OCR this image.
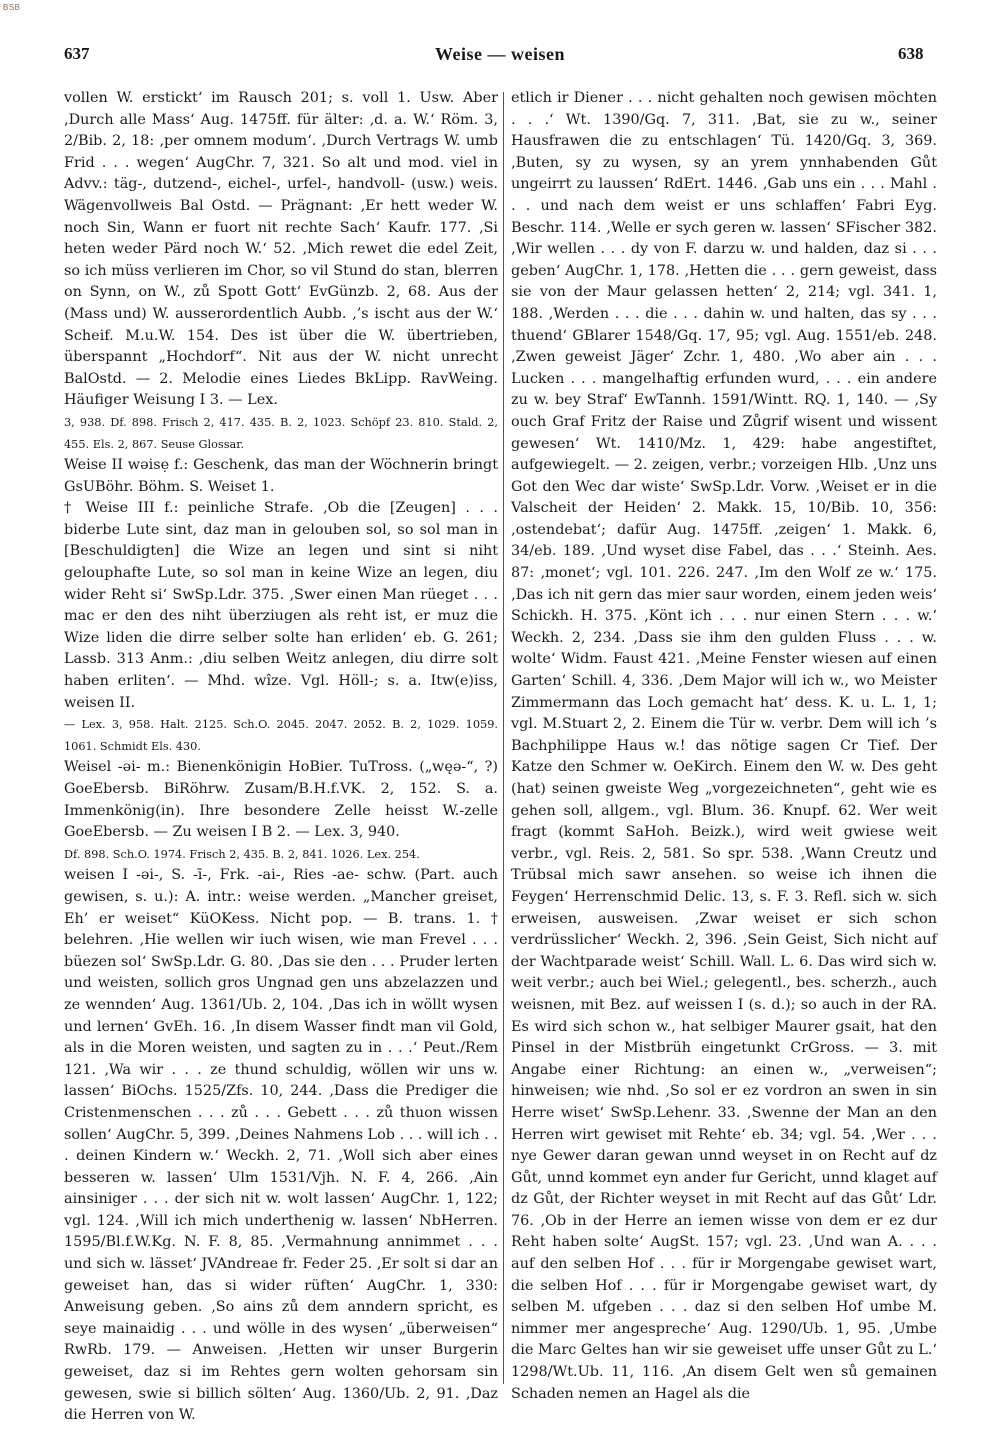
BSB
637	Weise — weisen	638

vollen W. erstickt‘ im Rausch 201; s. voll 1. Usw. Aber ‚Durch alle Mass‘ Aug. 1475ff. für älter: ‚d. a. W.‘ Röm. 3, 2/Bib. 2, 18: ‚per omnem modum‘. ‚Durch Vertrags W. umb Frid . . . wegen‘ AugChr. 7, 321. So alt und mod. viel in Advv.: täg-, dutzend-, eichel-, urfel-, handvoll- (usw.) weis. Wägenvollweis Bal Ostd. — Prägnant: ‚Er hett weder W. noch Sin, Wann er fuort nit rechte Sach‘ Kaufr. 177. ‚Si heten weder Pärd noch W.‘ 52. ‚Mich rewet die edel Zeit, so ich müss verlieren im Chor, so vil Stund do stan, blerren on Synn, on W., zů Spott Gott‘ EvGünzb. 2, 68. Aus der (Mass und) W. ausserordentlich Aubb. ‚’s ischt aus der W.‘ Scheif. M.u.W. 154. Des ist über die W. übertrieben, überspannt „Hochdorf“. Nit aus der W. nicht unrecht BalOstd. — 2. Melodie eines Liedes BkLipp. RavWeing. Häufiger Weisung I 3. — Lex.

3, 938. Df. 898. Frisch 2, 417. 435. B. 2, 1023. Schöpf 23. 810. Stald. 2, 455. Els. 2, 867. Seuse Glossar.

Weise II wəisẹ f.: Geschenk, das man der Wöchnerin bringt GsUBöhr. Böhm. S. Weiset 1.

† Weise III f.: peinliche Strafe. ‚Ob die [Zeugen] . . . biderbe Lute sint, daz man in gelouben sol, so sol man in [Beschuldigten] die Wize an legen und sint si niht gelouphafte Lute, so sol man in keine Wize an legen, diu wider Reht si‘ SwSp.Ldr. 375. ‚Swer einen Man rüeget . . . mac er den des niht überziugen als reht ist, er muz die Wize liden die dirre selber solte han erliden‘ eb. G. 261; Lassb. 313 Anm.: ‚diu selben Weitz anlegen, diu dirre solt haben erliten‘. — Mhd. wîze. Vgl. Höll-; s. a. Itw(e)iss, weisen II.

— Lex. 3, 958. Halt. 2125. Sch.O. 2045. 2047. 2052. B. 2, 1029. 1059. 1061. Schmidt Els. 430.

Weisel -əi- m.: Bienenkönigin HoBier. TuTross. („węə-“, ?) GoeEbersb. BiRöhrw. Zusam/B.H.f.VK. 2, 152. S. a. Immenkönig(in). Ihre besondere Zelle heisst W.-zelle GoeEbersb. — Zu weisen I B 2. — Lex. 3, 940.

Df. 898. Sch.O. 1974. Frisch 2, 435. B. 2, 841. 1026. Lex. 254.

weisen I -əi-, S. -ī-, Frk. -ai-, Ries -ae- schw. (Part. auch gewisen, s. u.): A. intr.: weise werden. „Mancher greiset, Eh’ er weiset“ KüOKess. Nicht pop. — B. trans. 1. † belehren. ‚Hie wellen wir iuch wisen, wie man Frevel . . . büezen sol‘ SwSp.Ldr. G. 80. ‚Das sie den . . . Pruder lerten und weisten, sollich gros Ungnad gen uns abzelazzen und ze wennden‘ Aug. 1361/Ub. 2, 104. ‚Das ich in wöllt wysen und lernen‘ GvEh. 16. ‚In disem Wasser findt man vil Gold, als in die Moren weisten, und sagten zu in . . .‘ Peut./Rem 121. ‚Wa wir . . . ze thund schuldig, wöllen wir uns w. lassen‘ BiOchs. 1525/Zfs. 10, 244. ‚Dass die Prediger die Cristenmenschen . . . zů . . . Gebett . . . zů thuon wissen sollen‘ AugChr. 5, 399. ‚Deines Nahmens Lob . . . will ich . . . deinen Kindern w.‘ Weckh. 2, 71. ‚Woll sich aber eines besseren w. lassen‘ Ulm 1531/Vjh. N. F. 4, 266. ‚Ain ainsiniger . . . der sich nit w. wolt lassen‘ AugChr. 1, 122; vgl. 124. ‚Will ich mich underthenig w. lassen‘ NbHerren. 1595/Bl.f.W.Kg. N. F. 8, 85. ‚Vermahnung annimmet . . . und sich w. lässet‘ JVAndreae fr. Feder 25. ‚Er solt si dar an geweiset han, das si wider rüften‘ AugChr. 1, 330: Anweisung geben. ‚So ains zů dem anndern spricht, es seye mainaidig . . . und wölle in des wysen‘ „überweisen“ RwRb. 179. — Anweisen. ‚Hetten wir unser Burgerin geweiset, daz si im Rehtes gern wolten gehorsam sin gewesen, swie si billich sölten‘ Aug. 1360/Ub. 2, 91. ‚Daz die Herren von W.

etlich ir Diener . . . nicht gehalten noch gewisen möchten . . .‘ Wt. 1390/Gq. 7, 311. ‚Bat, sie zu w., seiner Hausfrawen die zu entschlagen‘ Tü. 1420/Gq. 3, 369. ‚Buten, sy zu wysen, sy an yrem ynnhabenden Gůt ungeirrt zu laussen‘ RdErt. 1446. ‚Gab uns ein . . . Mahl . . . und nach dem weist er uns schlaffen‘ Fabri Eyg. Beschr. 114. ‚Welle er sych geren w. lassen‘ SFischer 382. ‚Wir wellen . . . dy von F. darzu w. und halden, daz si . . . geben‘ AugChr. 1, 178. ‚Hetten die . . . gern geweist, dass sie von der Maur gelassen hetten‘ 2, 214; vgl. 341. 1, 188. ‚Werden . . . die . . . dahin w. und halten, das sy . . . thuend‘ GBlarer 1548/Gq. 17, 95; vgl. Aug. 1551/eb. 248. ‚Zwen geweist Jäger‘ Zchr. 1, 480. ‚Wo aber ain . . . Lucken . . . mangelhaftig erfunden wurd, . . . ein andere zu w. bey Straf‘ EwTannh. 1591/Wintt. RQ. 1, 140. — ‚Sy ouch Graf Fritz der Raise und Zůgrif wisent und wissent gewesen‘ Wt. 1410/Mz. 1, 429: habe angestiftet, aufgewiegelt. — 2. zeigen, verbr.; vorzeigen Hlb. ‚Unz uns Got den Wec dar wiste‘ SwSp.Ldr. Vorw. ‚Weiset er in die Valscheit der Heiden‘ 2. Makk. 15, 10/Bib. 10, 356: ‚ostendebat‘; dafür Aug. 1475ff. ‚zeigen‘ 1. Makk. 6, 34/eb. 189. ‚Und wyset dise Fabel, das . . .‘ Steinh. Aes. 87: ‚monet‘; vgl. 101. 226. 247. ‚Im den Wolf ze w.‘ 175. ‚Das ich nit gern das mier saur worden, einem jeden weis‘ Schickh. H. 375. ‚Könt ich . . . nur einen Stern . . . w.‘ Weckh. 2, 234. ‚Dass sie ihm den gulden Fluss . . . w. wolte‘ Widm. Faust 421. ‚Meine Fenster wiesen auf einen Garten‘ Schill. 4, 336. ‚Dem Major will ich w., wo Meister Zimmermann das Loch gemacht hat‘ dess. K. u. L. 1, 1; vgl. M.Stuart 2, 2. Einem die Tür w. verbr. Dem will ich ’s Bachphilippe Haus w.! das nötige sagen Cr Tief. Der Katze den Schmer w. OeKirch. Einem den W. w. Des geht (hat) seinen gweiste Weg „vorgezeichneten“, geht wie es gehen soll, allgem., vgl. Blum. 36. Knupf. 62. Wer weit fragt (kommt SaHoh. Beizk.), wird weit gwiese weit verbr., vgl. Reis. 2, 581. So spr. 538. ‚Wann Creutz und Trübsal mich sawr ansehen. so weise ich ihnen die Feygen‘ Herrenschmid Delic. 13, s. F. 3. Refl. sich w. sich erweisen, ausweisen. ‚Zwar weiset er sich schon verdrüsslicher‘ Weckh. 2, 396. ‚Sein Geist, Sich nicht auf der Wachtparade weist‘ Schill. Wall. L. 6. Das wird sich w. weit verbr.; auch bei Wiel.; gelegentl., bes. scherzh., auch weisnen, mit Bez. auf weissen I (s. d.); so auch in der RA. Es wird sich schon w., hat selbiger Maurer gsait, hat den Pinsel in der Mistbrüh eingetunkt CrGross. — 3. mit Angabe einer Richtung: an einen w., „verweisen“; hinweisen; wie nhd. ‚So sol er ez vordron an swen in sin Herre wiset‘ SwSp.Lehenr. 33. ‚Swenne der Man an den Herren wirt gewiset mit Rehte‘ eb. 34; vgl. 54. ‚Wer . . . nye Gewer daran gewan unnd weyset in on Recht auf dz Gůt, unnd kommet eyn ander fur Gericht, unnd klaget auf dz Gůt, der Richter weyset in mit Recht auf das Gůt‘ Ldr. 76. ‚Ob in der Herre an iemen wisse von dem er ez dur Reht haben solte‘ AugSt. 157; vgl. 23. ‚Und wan A. . . . auf den selben Hof . . . für ir Morgengabe gewiset wart, die selben Hof . . . für ir Morgengabe gewiset wart, dy selben M. ufgeben . . . daz si den selben Hof umbe M. nimmer mer angespreche‘ Aug. 1290/Ub. 1, 95. ‚Umbe die Marc Geltes han wir sie geweiset uffe unser Gůt zu L.‘ 1298/Wt.Ub. 11, 116. ‚An disem Gelt wen sů gemainen Schaden nemen an Hagel als die
